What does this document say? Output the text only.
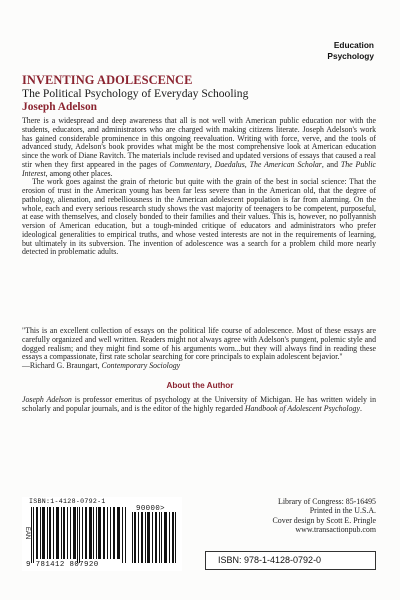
Education
Psychology
INVENTING ADOLESCENCE
The Political Psychology of Everyday Schooling
Joseph Adelson

There is a widespread and deep awareness that all is not well with American public education nor with the students, educators, and administrators who are charged with making citizens literate. Joseph Adelson's work has gained considerable prominence in this ongoing reevaluation. Writing with force, verve, and the tools of advanced study, Adelson's book provides what might be the most comprehensive look at American education since the work of Diane Ravitch. The materials include revised and updated versions of essays that caused a real stir when they first appeared in the pages of Commentary, Daedalus, The American Scholar, and The Public Interest, among other places.

The work goes against the grain of rhetoric but quite with the grain of the best in social science: That the erosion of trust in the American young has been far less severe than in the American old, that the degree of pathology, alienation, and rebelliousness in the American adolescent population is far from alarming. On the whole, each and every serious research study shows the vast majority of teenagers to be competent, purposeful, at ease with themselves, and closely bonded to their families and their values. This is, however, no pollyannish version of American education, but a tough-minded critique of educators and administrators who prefer ideological generalities to empirical truths, and whose vested interests are not in the requirements of learning, but ultimately in its subversion. The invention of adolescence was a search for a problem child more nearly detected in problematic adults.

"This is an excellent collection of essays on the political life course of adolescence. Most of these essays are carefully organized and well written. Readers might not always agree with Adelson's pungent, polemic style and dogged realism; and they might find some of his arguments worn...but they will always find in reading these essays a compassionate, first rate scholar searching for core principals to explain adolescent bejavior."
—Richard G. Braungart, Contemporary Sociology

About the Author

Joseph Adelson is professor emeritus of psychology at the University of Michigan. He has written widely in scholarly and popular journals, and is the editor of the highly regarded Handbook of Adolescent Psychology.

ISBN:1-4128-0792-1
EAN
90000>
9 781412 807920
Library of Congress: 85-16495
Printed in the U.S.A.
Cover design by Scott E. Pringle
www.transactionpub.com
ISBN: 978-1-4128-0792-0
